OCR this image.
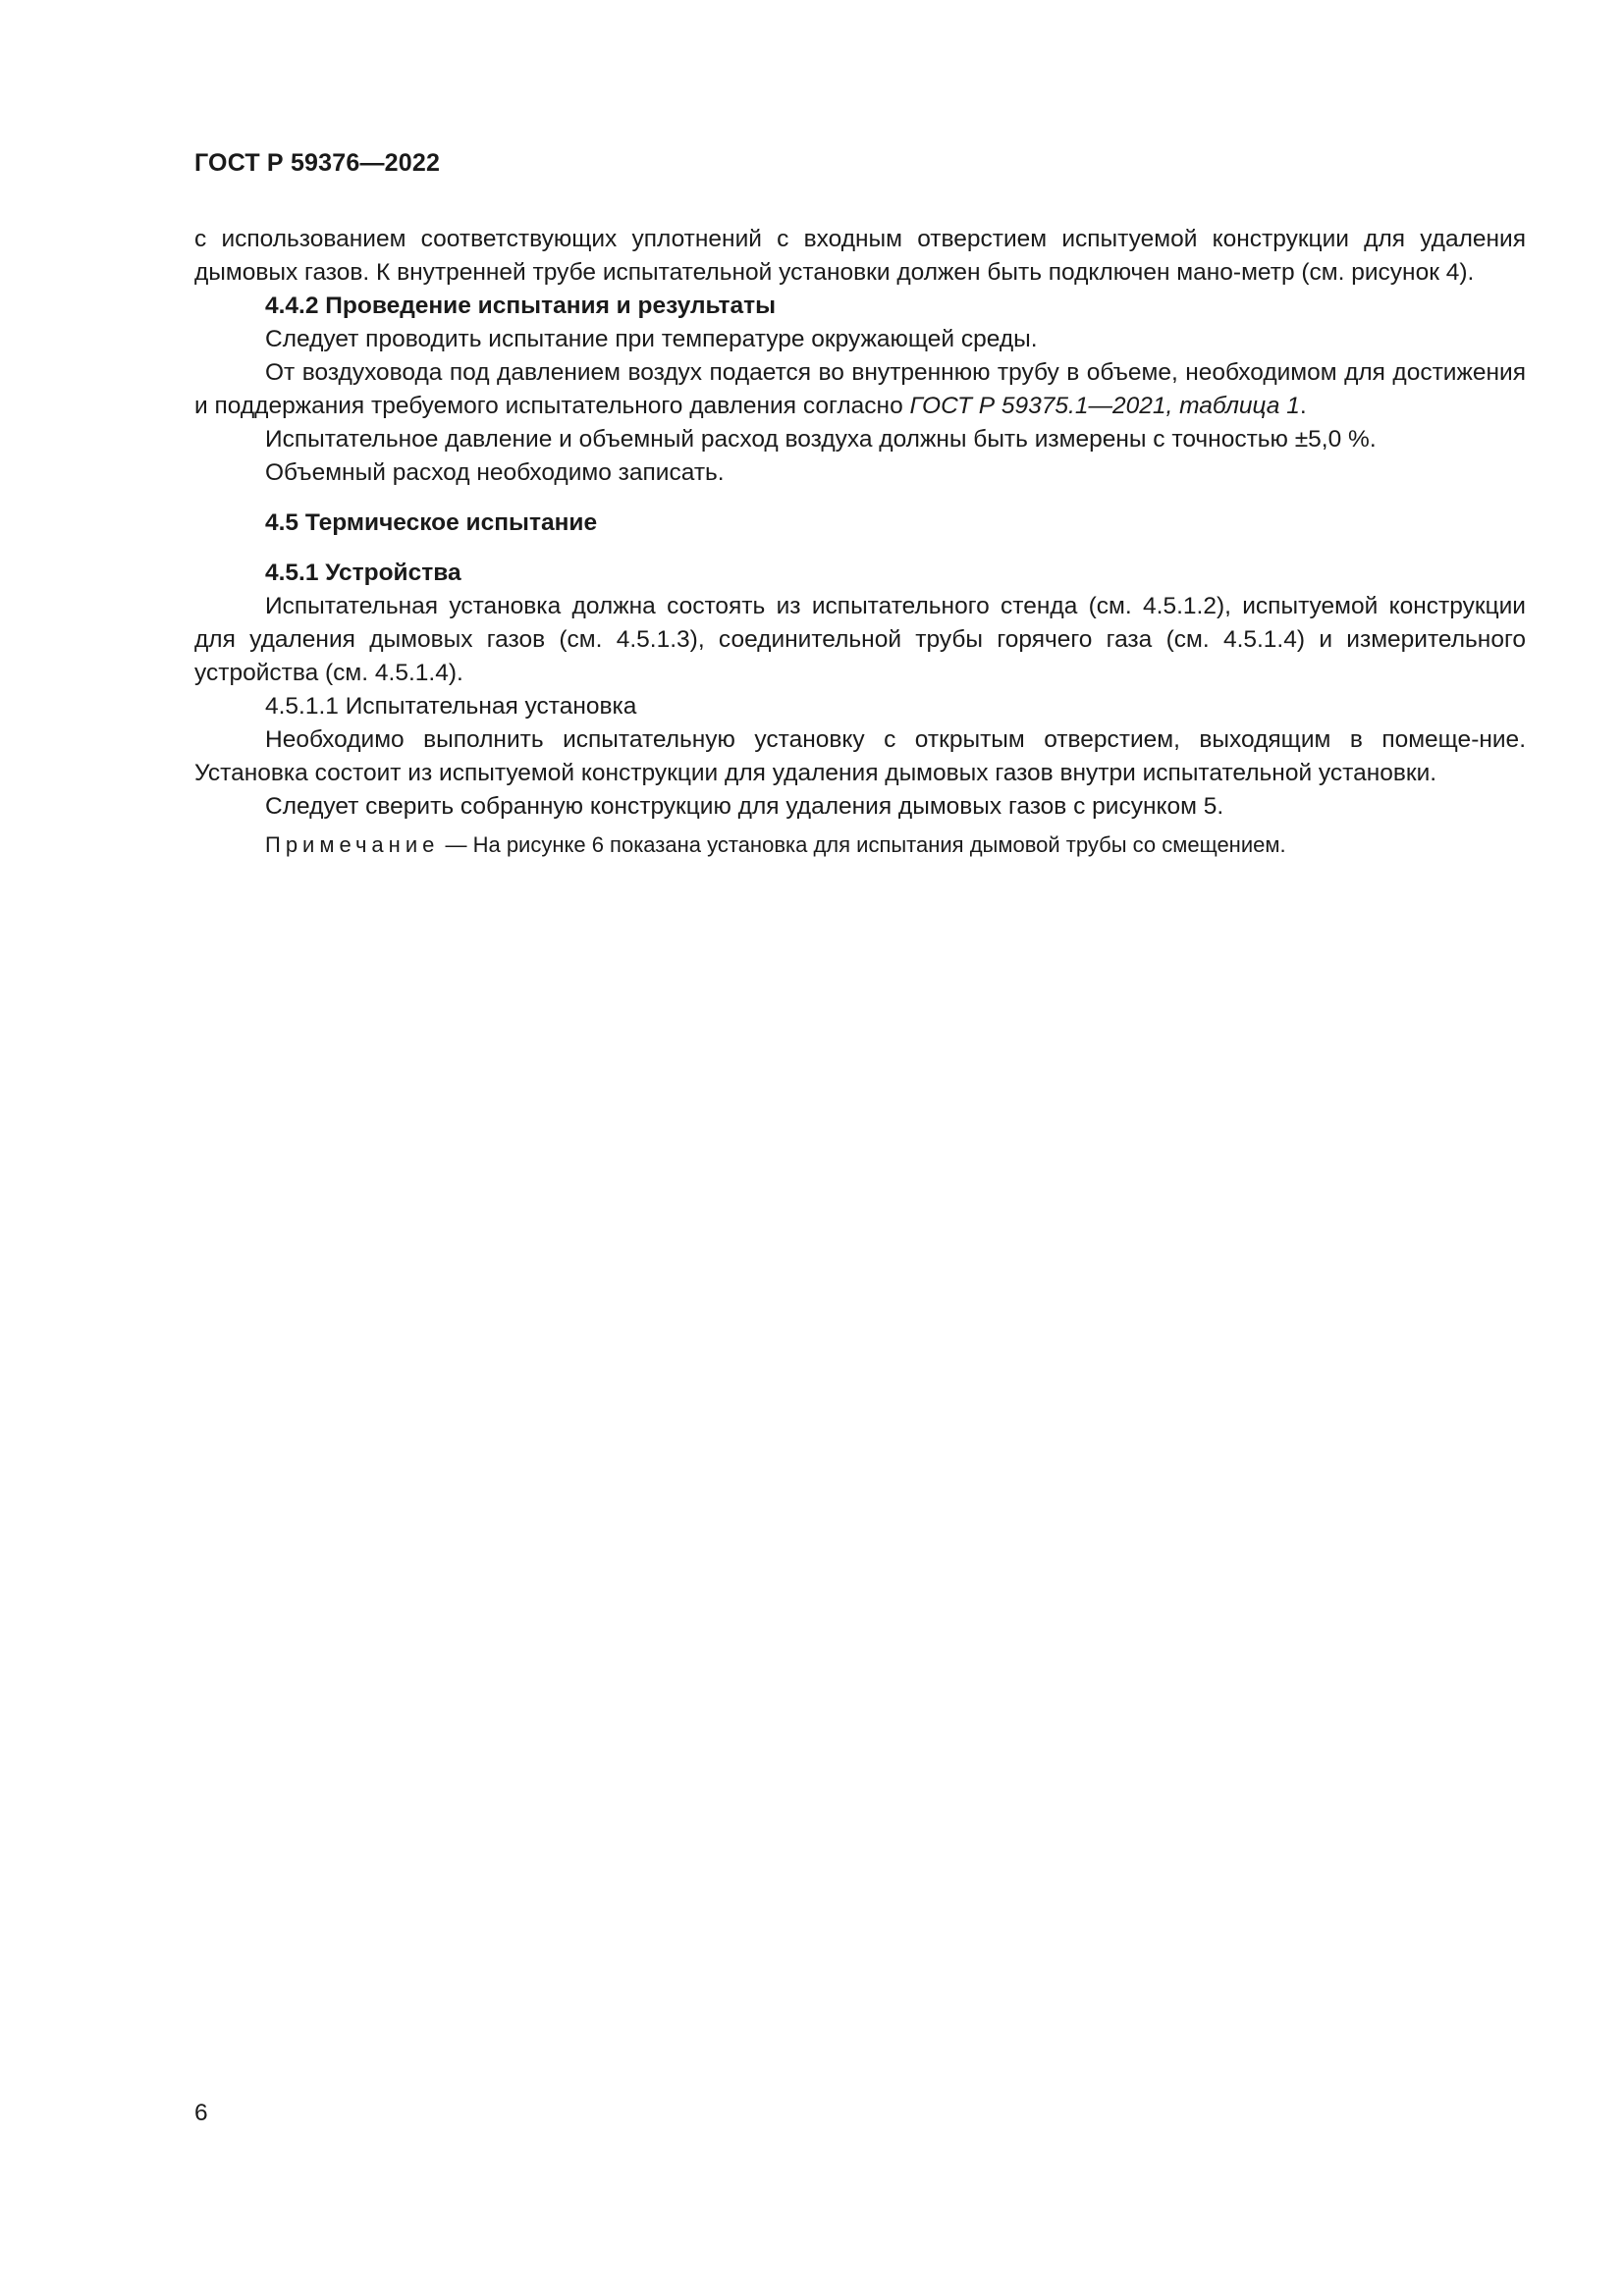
ГОСТ Р 59376—2022

с использованием соответствующих уплотнений с входным отверстием испытуемой конструкции для удаления дымовых газов. К внутренней трубе испытательной установки должен быть подключен мано-метр (см. рисунок 4).

4.4.2 Проведение испытания и результаты

Следует проводить испытание при температуре окружающей среды.

От воздуховода под давлением воздух подается во внутреннюю трубу в объеме, необходимом для достижения и поддержания требуемого испытательного давления согласно ГОСТ Р 59375.1—2021, таблица 1.

Испытательное давление и объемный расход воздуха должны быть измерены с точностью ±5,0 %.

Объемный расход необходимо записать.

4.5 Термическое испытание

4.5.1 Устройства

Испытательная установка должна состоять из испытательного стенда (см. 4.5.1.2), испытуемой конструкции для удаления дымовых газов (см. 4.5.1.3), соединительной трубы горячего газа (см. 4.5.1.4) и измерительного устройства (см. 4.5.1.4).

4.5.1.1 Испытательная установка

Необходимо выполнить испытательную установку с открытым отверстием, выходящим в помеще-ние. Установка состоит из испытуемой конструкции для удаления дымовых газов внутри испытательной установки.

Следует сверить собранную конструкцию для удаления дымовых газов с рисунком 5.

Примечание — На рисунке 6 показана установка для испытания дымовой трубы со смещением.

6
